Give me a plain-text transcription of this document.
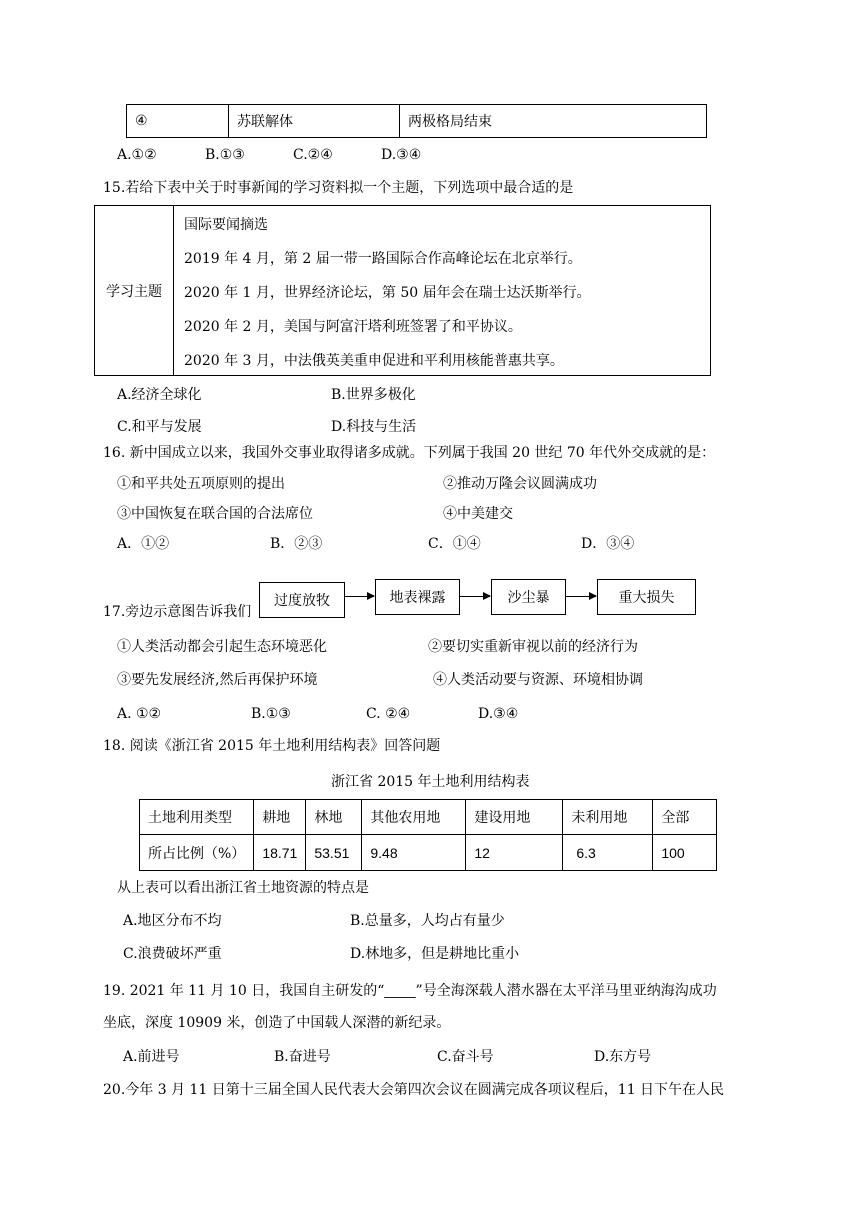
④	苏联解体	两极格局结束
A.①②	B.①③	C.②④	D.③④
15.若给下表中关于时事新闻的学习资料拟一个主题，下列选项中最合适的是
学习主题	
国际要闻摘选
2019 年 4 月，第 2 届一带一路国际合作高峰论坛在北京举行。
2020 年 1 月，世界经济论坛，第 50 届年会在瑞士达沃斯举行。
2020 年 2 月，美国与阿富汗塔利班签署了和平协议。
2020 年 3 月，中法俄英美重申促进和平利用核能普惠共享。
A.经济全球化	B.世界多极化
C.和平与发展	D.科技与生活
16. 新中国成立以来，我国外交事业取得诸多成就。下列属于我国 20 世纪 70 年代外交成就的是：
①和平共处五项原则的提出	②推动万隆会议圆满成功
③中国恢复在联合国的合法席位	④中美建交
A．①②	B．②③	C．①④	D．③④
17.旁边示意图告诉我们
过度放牧	地表裸露	沙尘暴	重大损失
①人类活动都会引起生态环境恶化	②要切实重新审视以前的经济行为
③要先发展经济,然后再保护环境	④人类活动要与资源、环境相协调
A. ①②	B.①③	C. ②④	D.③④
18. 阅读《浙江省 2015 年土地利用结构表》回答问题
浙江省 2015 年土地利用结构表
土地利用类型	耕地	林地	其他农用地	建设用地	未利用地	全部
所占比例（%）	18.71	53.51	9.48	12	6.3	100
从上表可以看出浙江省土地资源的特点是
A.地区分布不均	B.总量多，人均占有量少
C.浪费破坏严重	D.林地多，但是耕地比重小
19. 2021 年 11 月 10 日，我国自主研发的“____”号全海深载人潜水器在太平洋马里亚纳海沟成功
坐底，深度 10909 米，创造了中国载人深潜的新纪录。
A.前进号	B.奋进号	C.奋斗号	D.东方号
20.今年 3 月 11 日第十三届全国人民代表大会第四次会议在圆满完成各项议程后，11 日下午在人民
